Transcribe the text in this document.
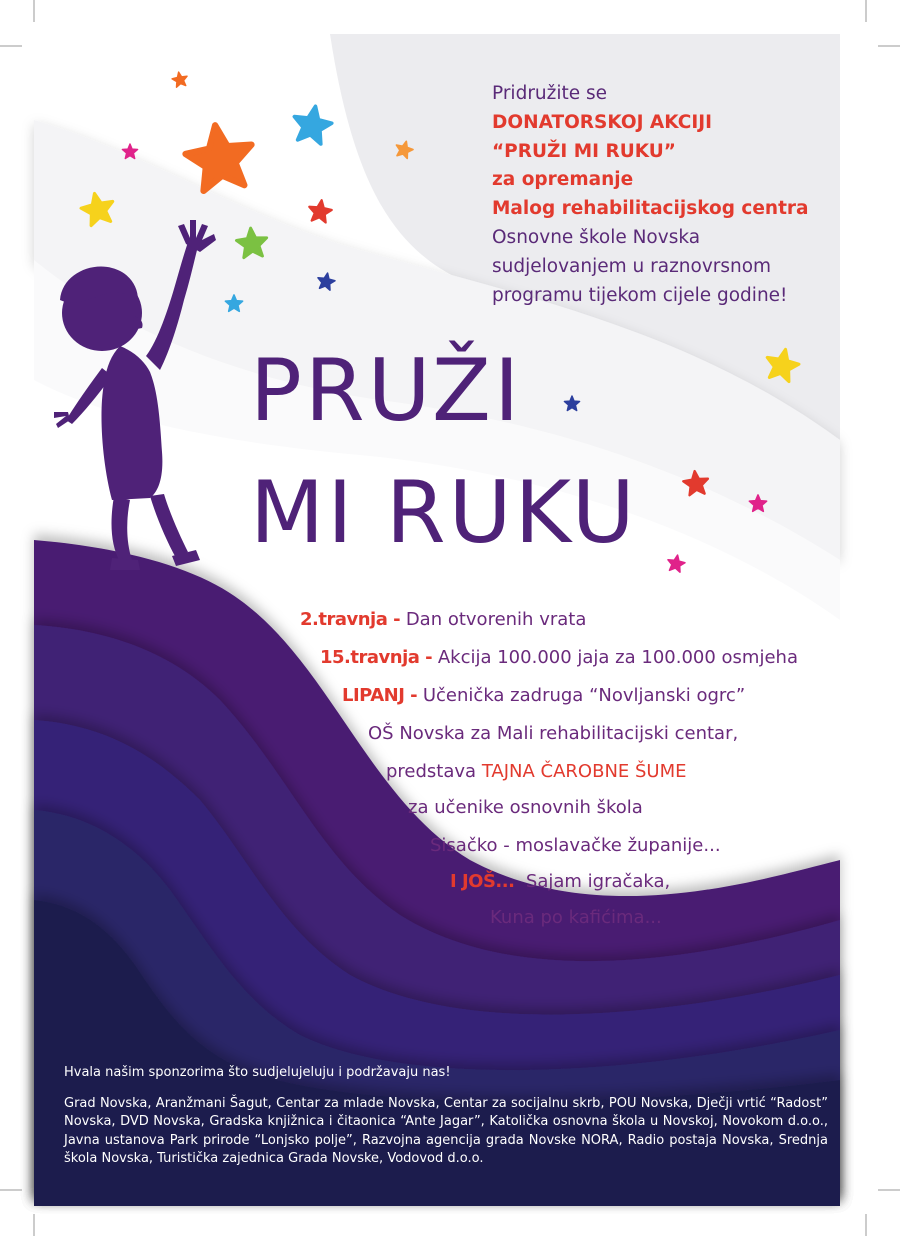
Pridružite se
DONATORSKOJ AKCIJI
“PRUŽI MI RUKU”
za opremanje
Malog rehabilitacijskog centra
Osnovne škole Novska
sudjelovanjem u raznovrsnom
programu tijekom cijele godine!
PRUŽI
MI RUKU
2.travnja - Dan otvorenih vrata
15.travnja - Akcija 100.000 jaja za 100.000 osmjeha
LIPANJ - Učenička zadruga “Novljanski ogrc”
OŠ Novska za Mali rehabilitacijski centar,
predstava TAJNA ČAROBNE ŠUME
za učenike osnovnih škola
Sisačko - moslavačke županije...
I JOŠ...  Sajam igračaka,
Kuna po kafićima...
Hvala našim sponzorima što sudjelujeluju i podržavaju nas!
Grad Novska, Aranžmani Šagut, Centar za mlade Novska, Centar za socijalnu skrb, POU Novska, Dječji vrtić “Radost” Novska, DVD Novska, Gradska knjižnica i čitaonica “Ante Jagar”, Katolička osnovna škola u Novskoj, Novokom d.o.o., Javna ustanova Park prirode “Lonjsko polje”, Razvojna agencija grada Novske NORA, Radio postaja Novska, Srednja škola Novska, Turistička zajednica Grada Novske, Vodovod d.o.o.
